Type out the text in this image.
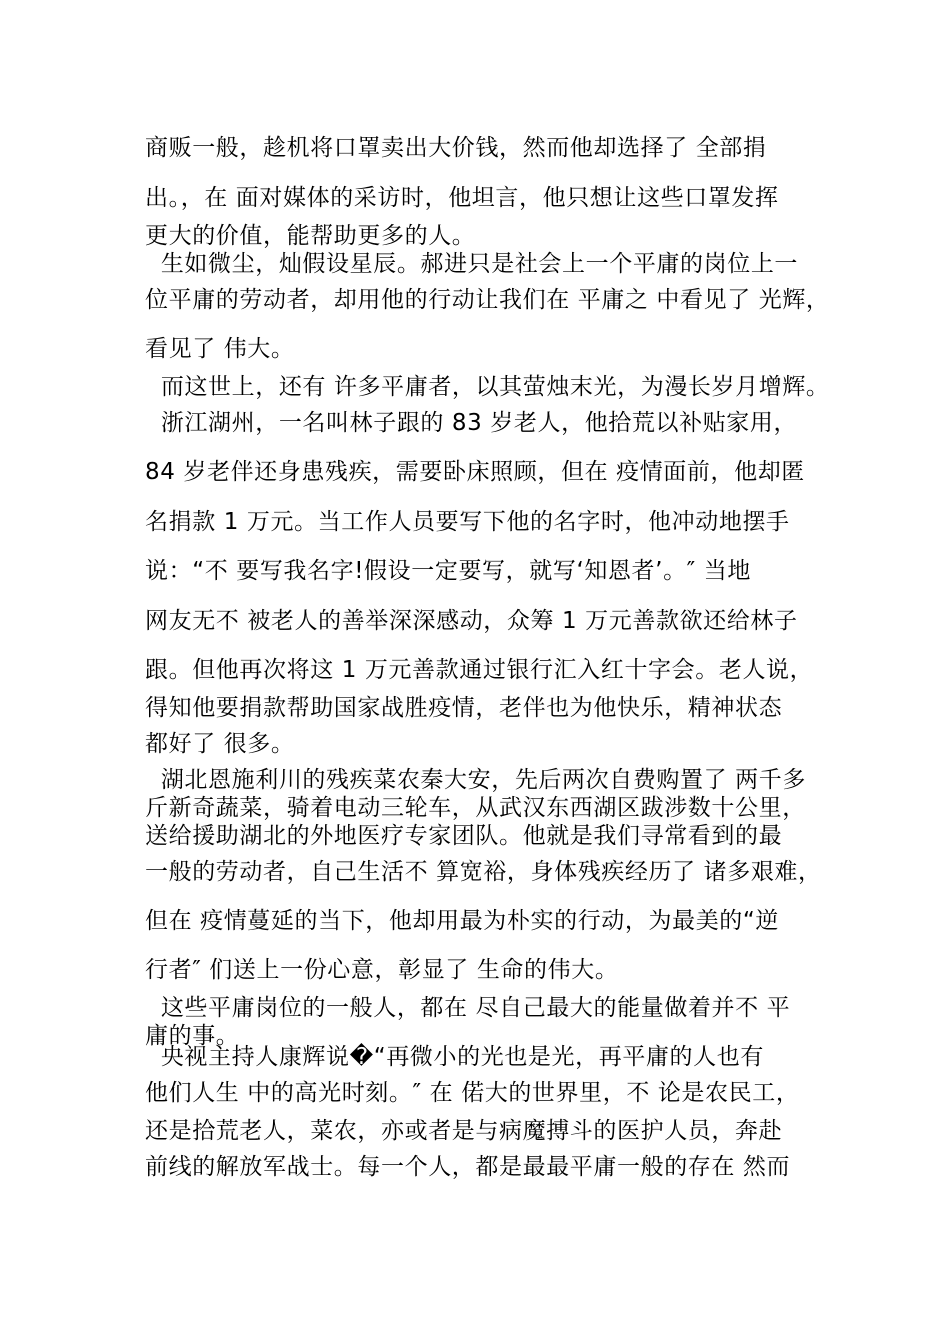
商贩一般，趁机将口罩卖出大价钱，然而他却选择了 全部捐

出。，在 面对媒体的采访时，他坦言，他只想让这些口罩发挥

更大的价值，能帮助更多的人。

生如微尘，灿假设星辰。郝进只是社会上一个平庸的岗位上一

位平庸的劳动者，却用他的行动让我们在 平庸之 中看见了 光辉，

看见了 伟大。

而这世上，还有 许多平庸者，以其萤烛末光，为漫长岁月增辉。

浙江湖州，一名叫林子跟的 83 岁老人，他拾荒以补贴家用，

84 岁老伴还身患残疾，需要卧床照顾，但在 疫情面前，他却匿

名捐款 1 万元。当工作人员要写下他的名字时，他冲动地摆手

说：“不 要写我名字!假设一定要写，就写‘知恩者’。″ 当地

网友无不 被老人的善举深深感动，众筹 1 万元善款欲还给林子

跟。但他再次将这 1 万元善款通过银行汇入红十字会。老人说，

得知他要捐款帮助国家战胜疫情，老伴也为他快乐，精神状态

都好了 很多。

湖北恩施利川的残疾菜农秦大安，先后两次自费购置了 两千多

斤新奇蔬菜，骑着电动三轮车，从武汉东西湖区跋涉数十公里，

送给援助湖北的外地医疗专家团队。他就是我们寻常看到的最

一般的劳动者，自己生活不 算宽裕，身体残疾经历了 诸多艰难，

但在 疫情蔓延的当下，他却用最为朴实的行动，为最美的“逆

行者″ 们送上一份心意，彰显了 生命的伟大。

这些平庸岗位的一般人，都在 尽自己最大的能量做着并不 平

庸的事。

央视主持人康辉说�“再微小的光也是光，再平庸的人也有

他们人生 中的高光时刻。″ 在 偌大的世界里，不 论是农民工，

还是拾荒老人，菜农，亦或者是与病魔搏斗的医护人员，奔赴

前线的解放军战士。每一个人，都是最最平庸一般的存在 然而
